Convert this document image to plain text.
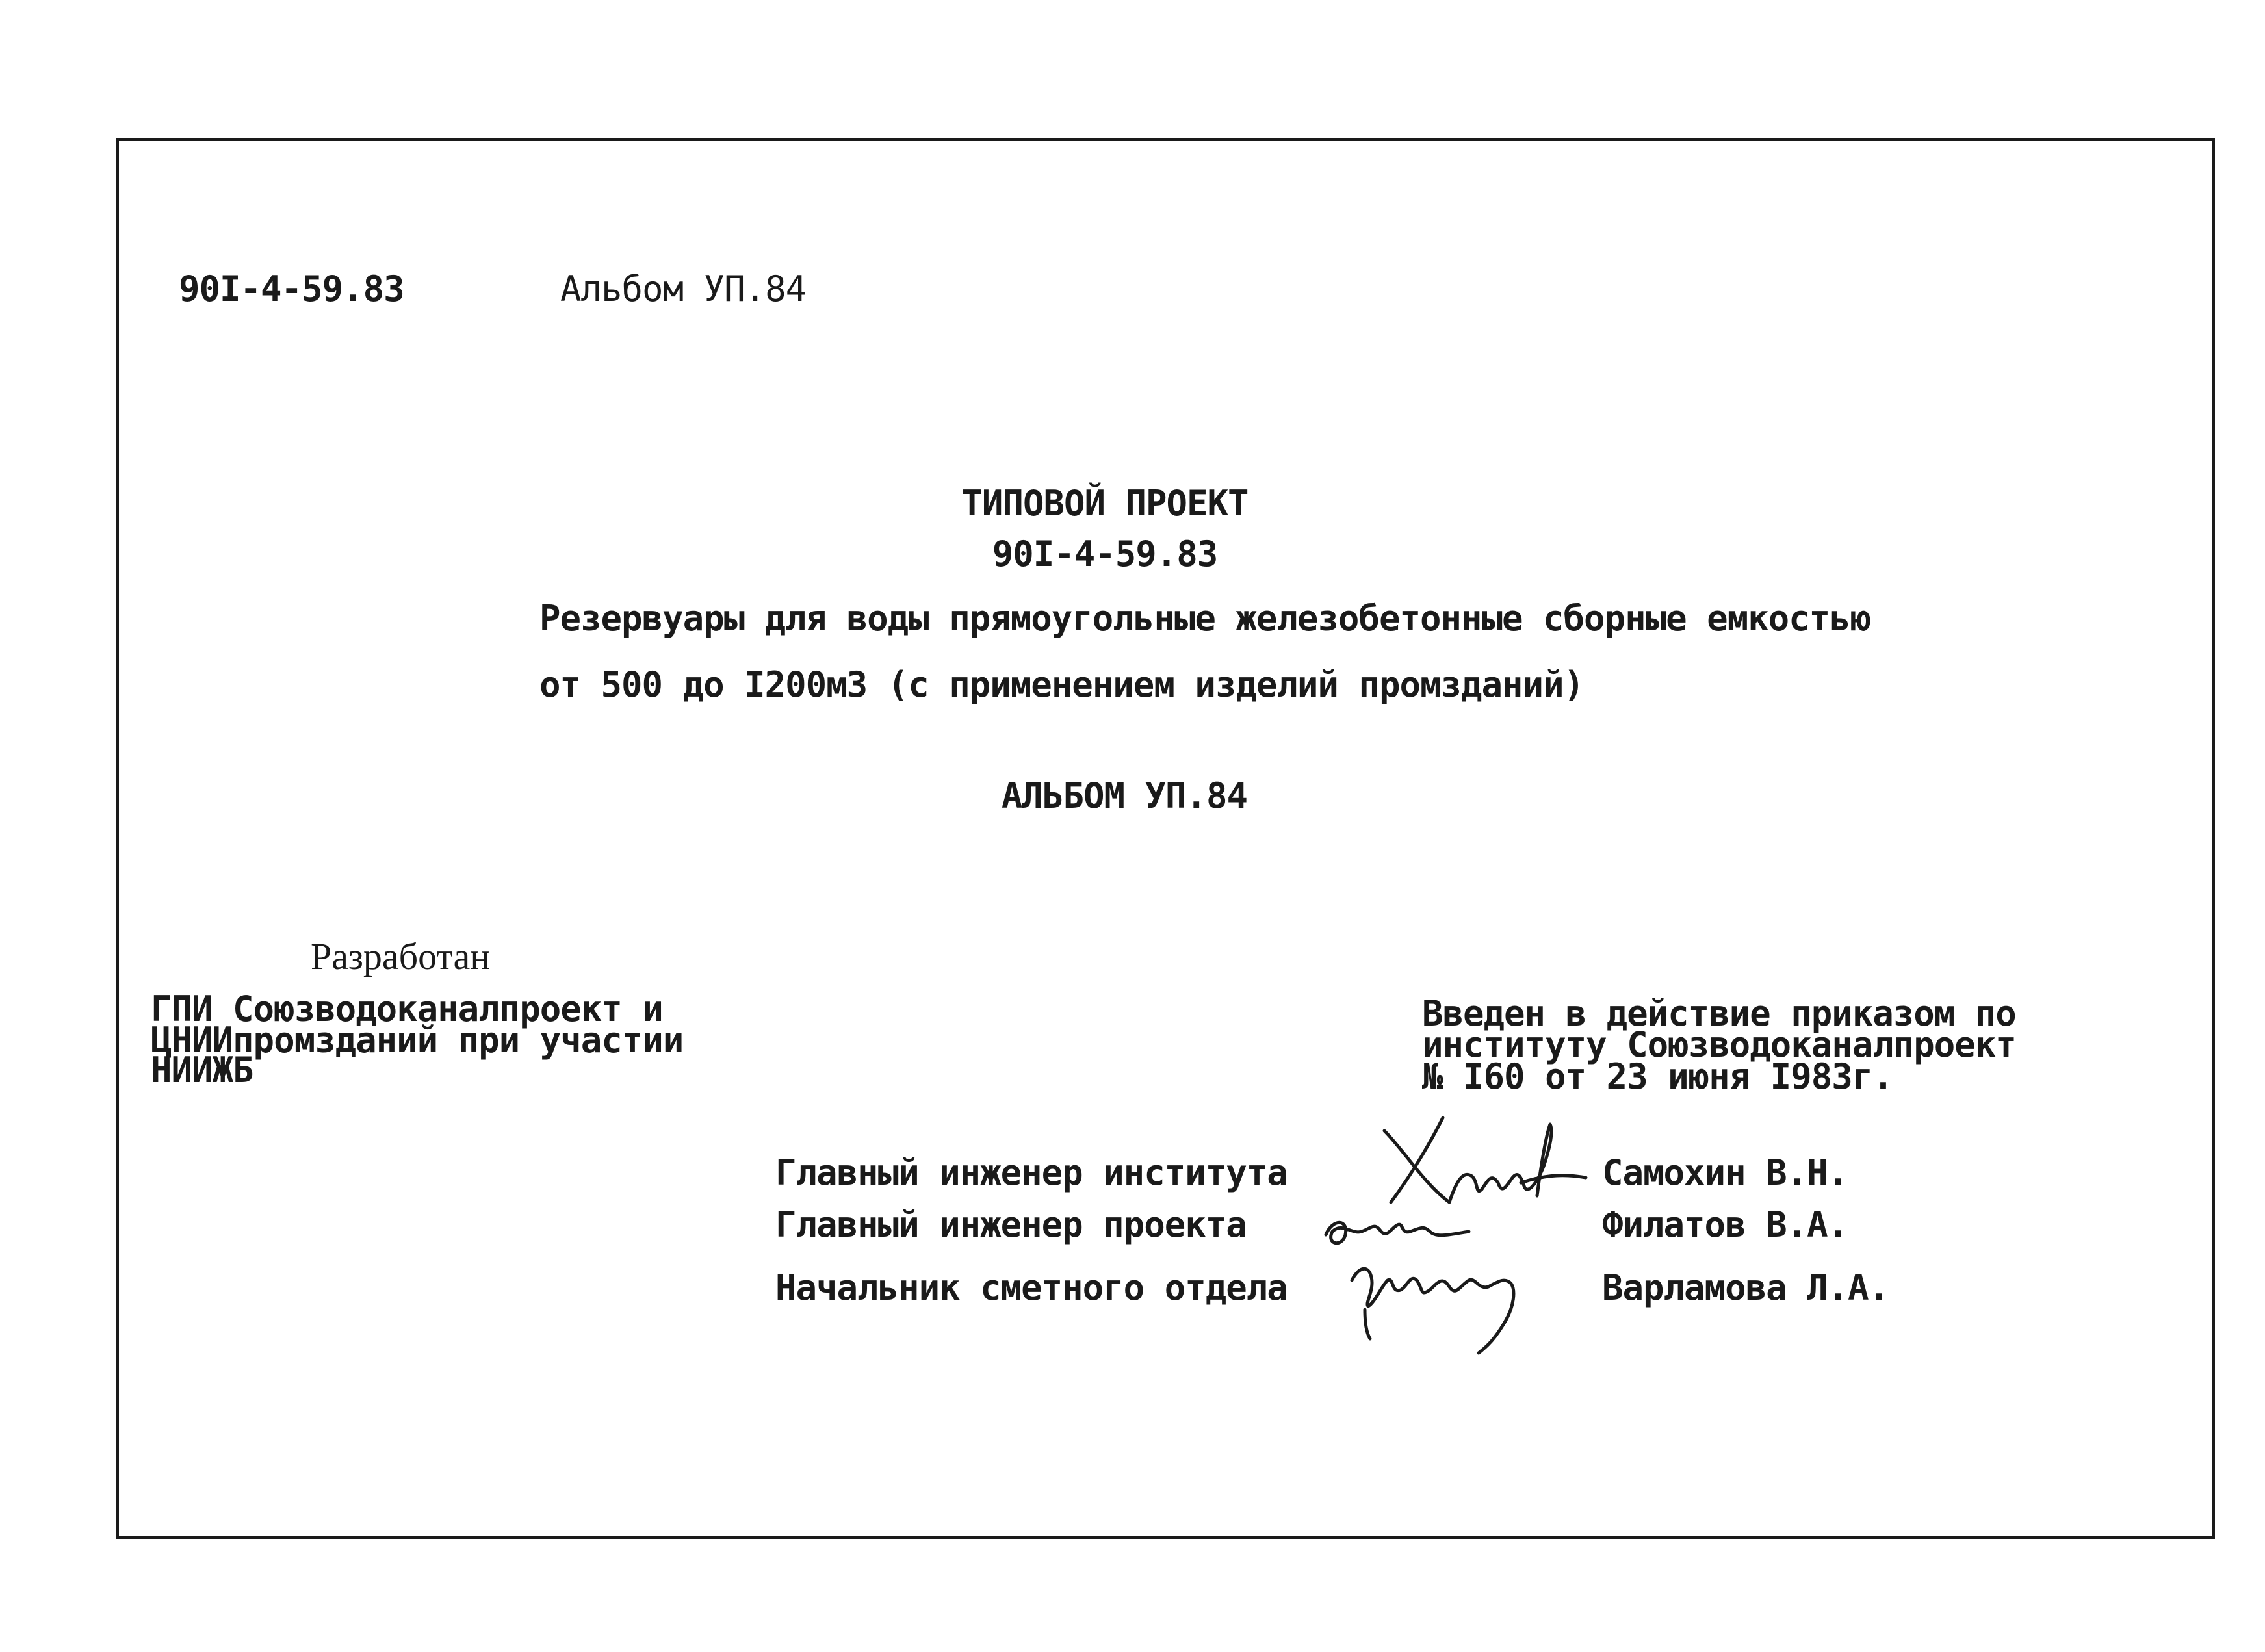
90I-4-59.83	Альбом УП.84
ТИПОВОЙ ПРОЕКТ
90I-4-59.83
Резервуары для воды прямоугольные железобетонные сборные емкостью
от 500 до I200м3 (с применением изделий промзданий)
АЛЬБОМ УП.84
Разработан
ГПИ Союзводоканалпроект и
ЦНИИпромзданий при участии
НИИЖБ
Введен в действие приказом по
институту Союзводоканалпроект
№ I60 от 23 июня I983г.
Главный инженер института	Самохин В.Н.
Главный инженер проекта	Филатов В.А.
Начальник сметного отдела	Варламова Л.А.
